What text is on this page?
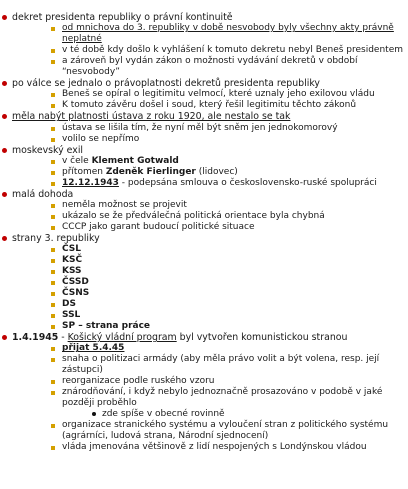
dekret presidenta republiky o právní kontinuitě
od mnichova do 3. republiky v době nesvobody byly všechny akty právně neplatné
v té době kdy došlo k vyhlášení k tomuto dekretu nebyl Beneš presidentem
a zároveň byl vydán zákon o možnosti vydávání dekretů v období “nesvobody”
po válce se jednalo o právoplatnosti dekretů presidenta republiky
Beneš se opíral o legitimitu velmocí, které uznaly jeho exilovou vládu
K tomuto závěru došel i soud, který řešil legitimitu těchto zákonů
měla nabýt platnosti ústava z roku 1920, ale nestalo se tak
ústava se lišila tím, že nyní měl být sněm jen jednokomorový
volilo se nepřímo
moskevský exil
v čele Klement Gotwald
přítomen Zdeněk Fierlinger (lidovec)
12.12.1943 - podepsána smlouva o československo-ruské spolupráci
malá dohoda
neměla možnost se projevit
ukázalo se že předválečná politická orientace byla chybná
CCCP jako garant budoucí politické situace
strany 3. republiky
ČSL
KSČ
KSS
ČSSD
ČSNS
DS
SSL
SP – strana práce
1.4.1945 - Košický vládní program byl vytvořen komunistickou stranou
přijat 5.4.45
snaha o politizaci armády (aby měla právo volit a být volena, resp. její zástupci)
reorganizace podle ruského vzoru
znárodňování, i když nebylo jednoznačně prosazováno v podobě v jaké později proběhlo
zde spíše v obecné rovinně
organizace stranického systému a vyloučení stran z politického systému (agrárníci, ludová strana, Národní sjednocení)
vláda jmenována většinově z lidí nespojených s Londýnskou vládou
